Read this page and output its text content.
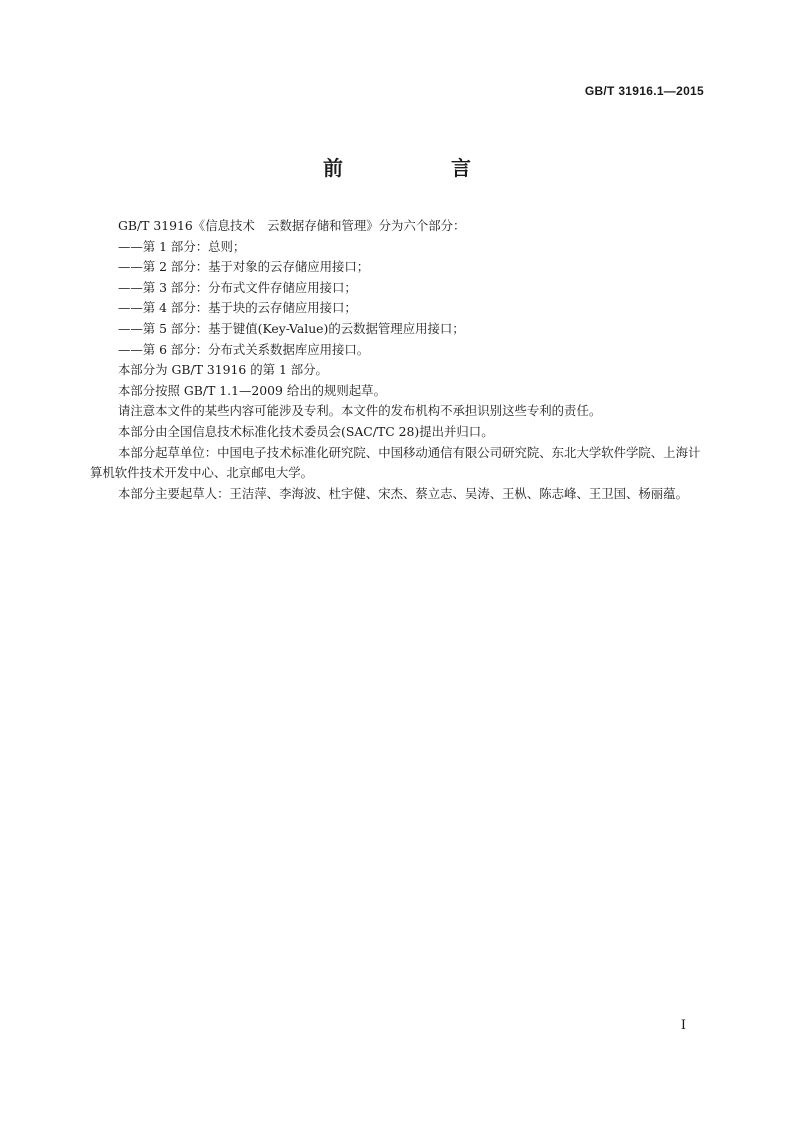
GB/T 31916.1—2015
前　言

GB/T 31916《信息技术　云数据存储和管理》分为六个部分：

——第 1 部分：总则；

——第 2 部分：基于对象的云存储应用接口；

——第 3 部分：分布式文件存储应用接口；

——第 4 部分：基于块的云存储应用接口；

——第 5 部分：基于键值(Key-Value)的云数据管理应用接口；

——第 6 部分：分布式关系数据库应用接口。

本部分为 GB/T 31916 的第 1 部分。

本部分按照 GB/T 1.1—2009 给出的规则起草。

请注意本文件的某些内容可能涉及专利。本文件的发布机构不承担识别这些专利的责任。

本部分由全国信息技术标准化技术委员会(SAC/TC 28)提出并归口。

本部分起草单位：中国电子技术标准化研究院、中国移动通信有限公司研究院、东北大学软件学院、上海计算机软件技术开发中心、北京邮电大学。

本部分主要起草人：王洁萍、李海波、杜宇健、宋杰、蔡立志、吴涛、王枞、陈志峰、王卫国、杨丽蕴。

I
